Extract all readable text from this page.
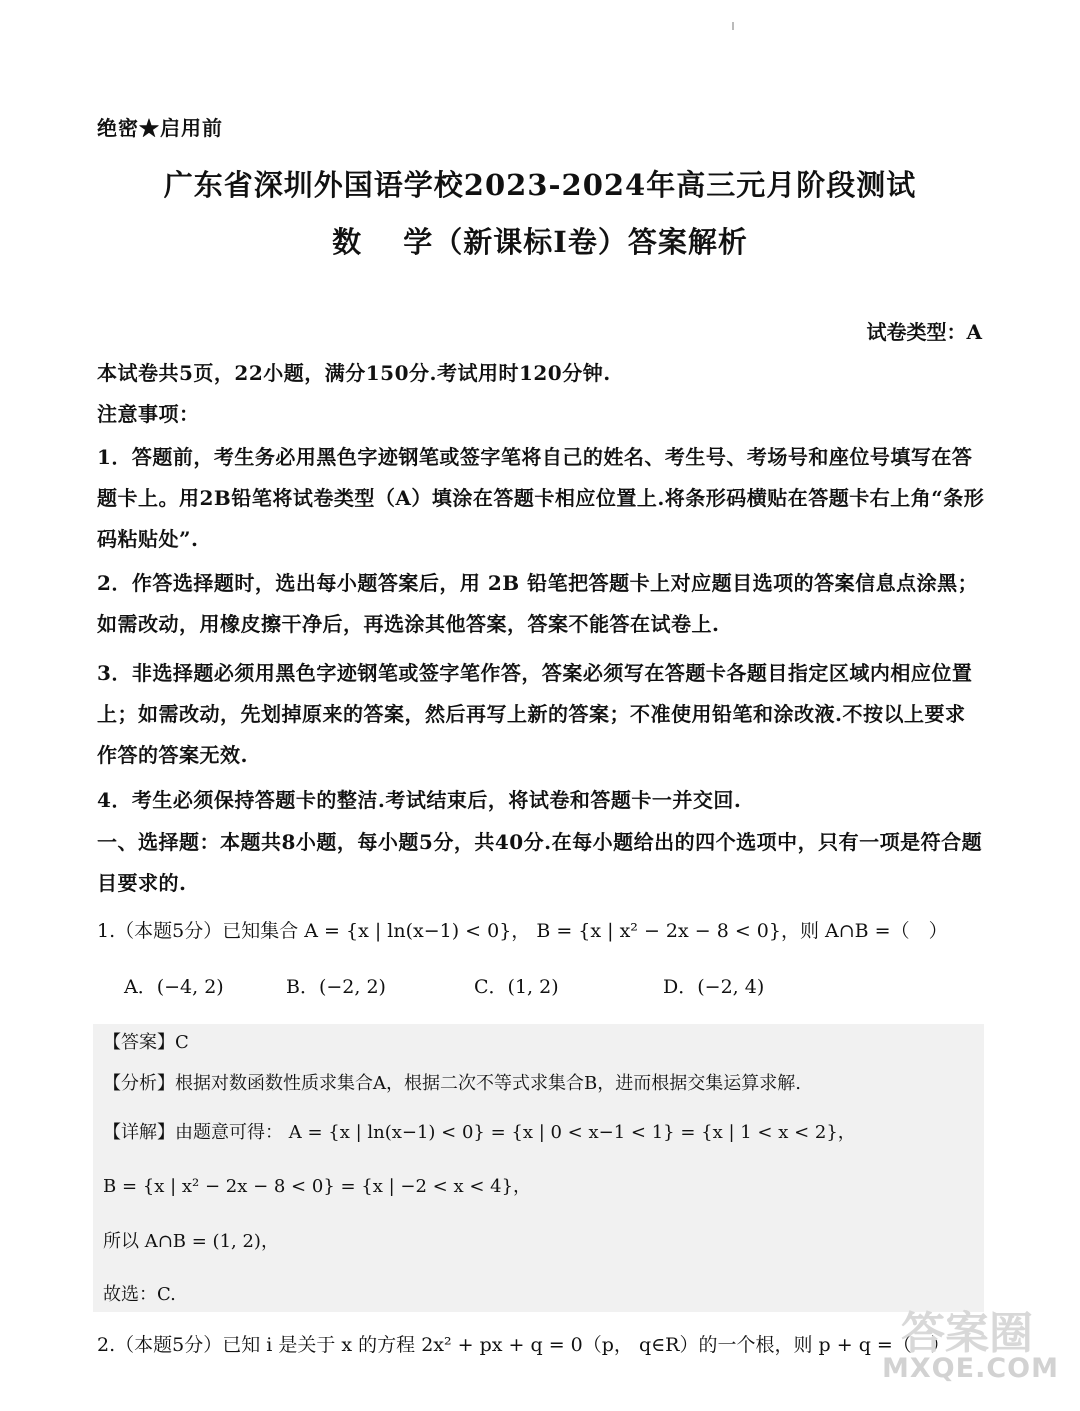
绝密★启用前
广东省深圳外国语学校2023-2024年高三元月阶段测试
数　 学（新课标I卷）答案解析
试卷类型：A
本试卷共5页，22小题，满分150分.考试用时120分钟.
注意事项：
1．答题前，考生务必用黑色字迹钢笔或签字笔将自己的姓名、考生号、考场号和座位号填写在答题卡上。用2B铅笔将试卷类型（A）填涂在答题卡相应位置上.将条形码横贴在答题卡右上角“条形码粘贴处”.
2．作答选择题时，选出每小题答案后，用 2B 铅笔把答题卡上对应题目选项的答案信息点涂黑；如需改动，用橡皮擦干净后，再选涂其他答案，答案不能答在试卷上.
3．非选择题必须用黑色字迹钢笔或签字笔作答，答案必须写在答题卡各题目指定区域内相应位置上；如需改动，先划掉原来的答案，然后再写上新的答案；不准使用铅笔和涂改液.不按以上要求作答的答案无效.
4．考生必须保持答题卡的整洁.考试结束后，将试卷和答题卡一并交回.
一、选择题：本题共8小题，每小题5分，共40分.在每小题给出的四个选项中，只有一项是符合题目要求的.
1.（本题5分）已知集合 A = {x | ln(x−1) < 0}， B = {x | x² − 2x − 8 < 0}，则 A∩B =（　）
A．(−4, 2)	B．(−2, 2)	C．(1, 2)	D．(−2, 4)
【答案】C
【分析】根据对数函数性质求集合A，根据二次不等式求集合B，进而根据交集运算求解.
【详解】由题意可得： A = {x | ln(x−1) < 0} = {x | 0 < x−1 < 1} = {x | 1 < x < 2}，
B = {x | x² − 2x − 8 < 0} = {x | −2 < x < 4}，
所以 A∩B = (1, 2)，
故选：C.
2.（本题5分）已知 i 是关于 x 的方程 2x² + px + q = 0（p， q∈R）的一个根，则 p + q =（　）
答案圈
MXQE.COM
